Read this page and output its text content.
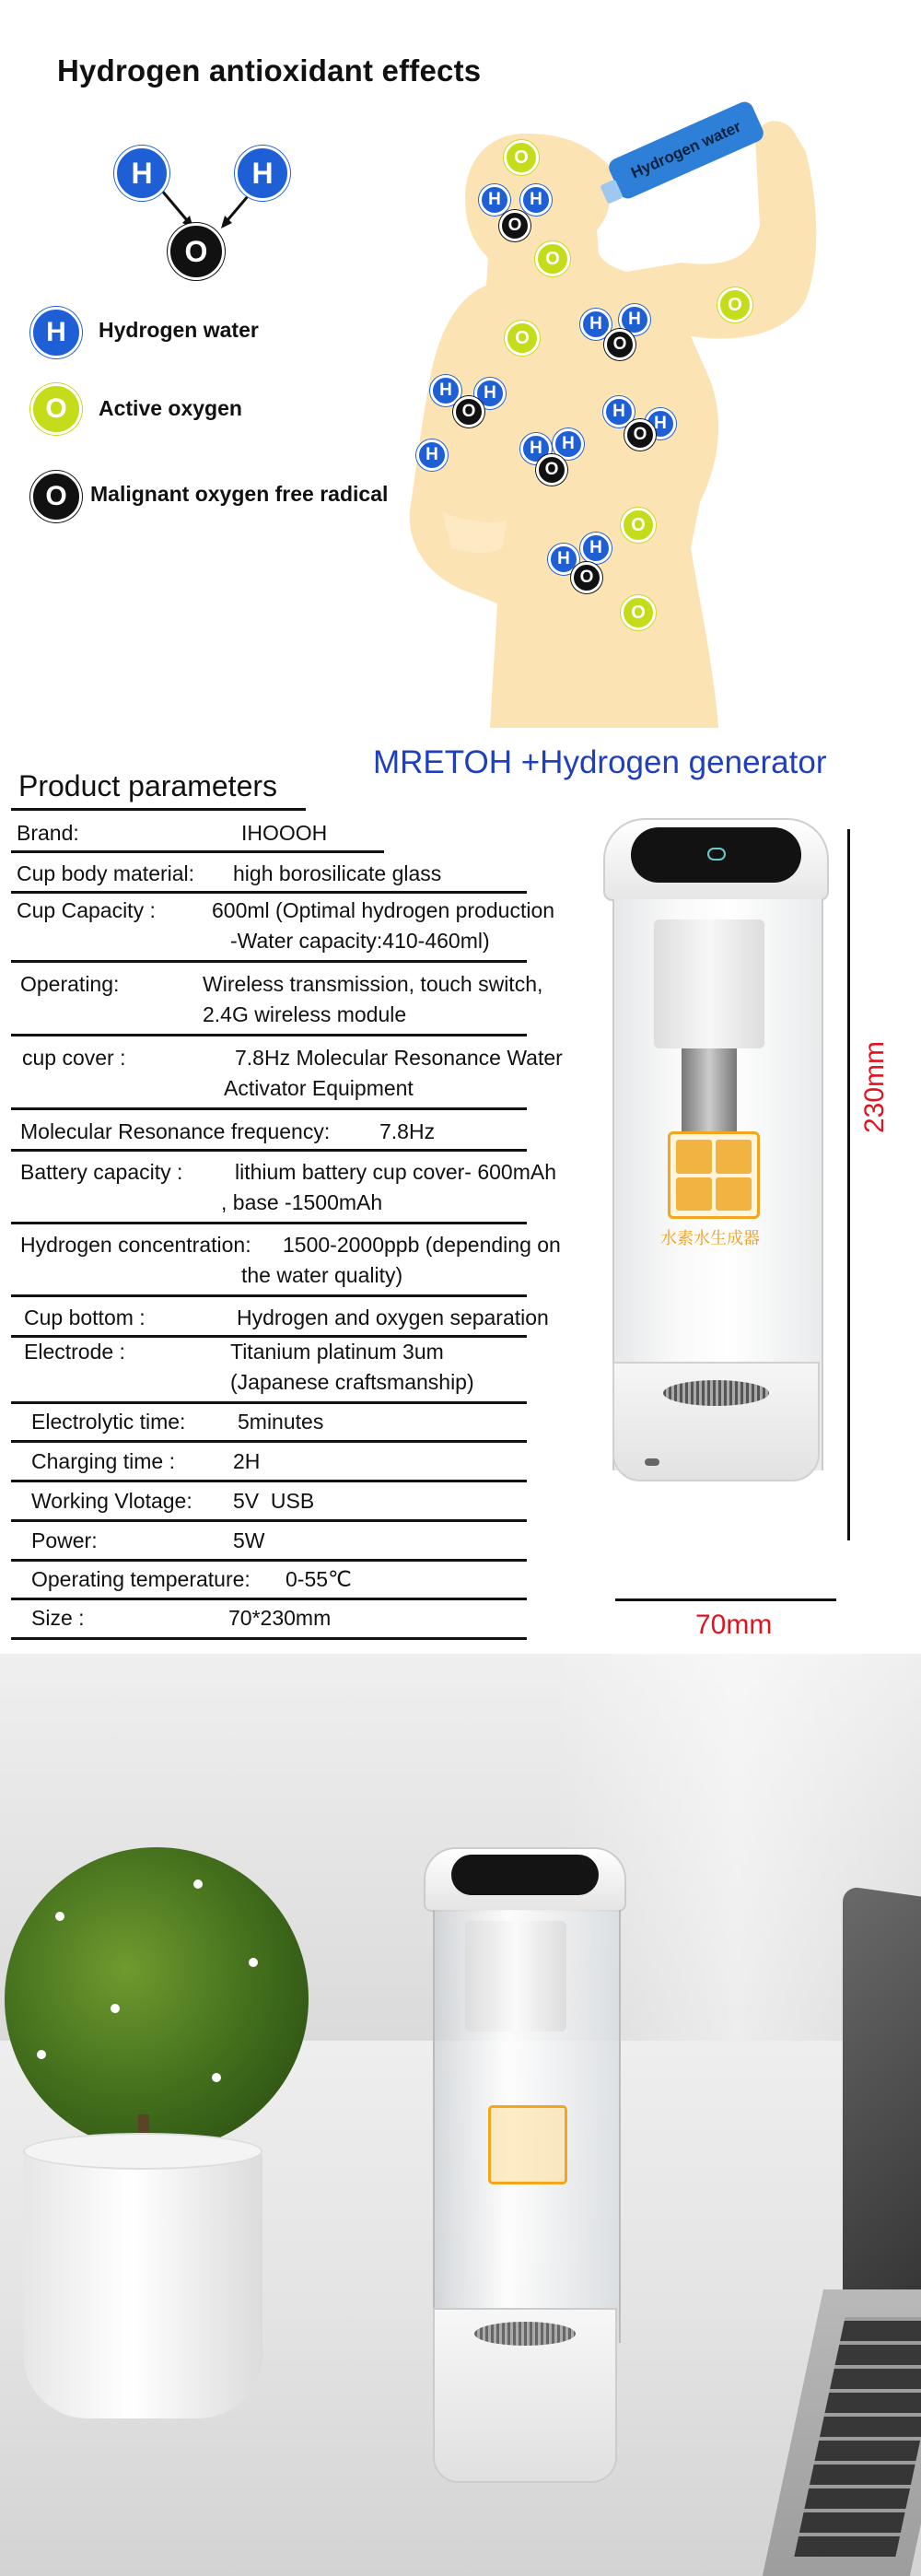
Hydrogen antioxidant effects
H	H
O
H	Hydrogen water
O	Active oxygen
O	Malignant oxygen free radical
Hydrogen water
O
O
O
O
O
O
H	H
O
H	H
O
H	H
O	H
H
O
H	H
O
H
H
H
O
MRETOH +Hydrogen generator
Product parameters
Brand:	IHOOOH
Cup body material: high borosilicate glass
Cup Capacity :	600ml (Optimal hydrogen production
-Water capacity:410-460ml)
Operating:	Wireless transmission, touch switch,
2.4G wireless module
cup cover :	7.8Hz Molecular Resonance Water
Activator Equipment
Molecular Resonance frequency: 7.8Hz
Battery capacity : lithium battery cup cover- 600mAh
, base -1500mAh
Hydrogen concentration: 1500-2000ppb (depending on
the water quality)
Cup bottom :	Hydrogen and oxygen separation
Electrode :	Titanium platinum 3um
(Japanese craftsmanship)
Electrolytic time: 5minutes
Charging time :	2H
Working Vlotage: 5V  USB
Power:	5W
Operating temperature: 0-55℃
Size :	70*230mm
水素水生成器
230mm
70mm
